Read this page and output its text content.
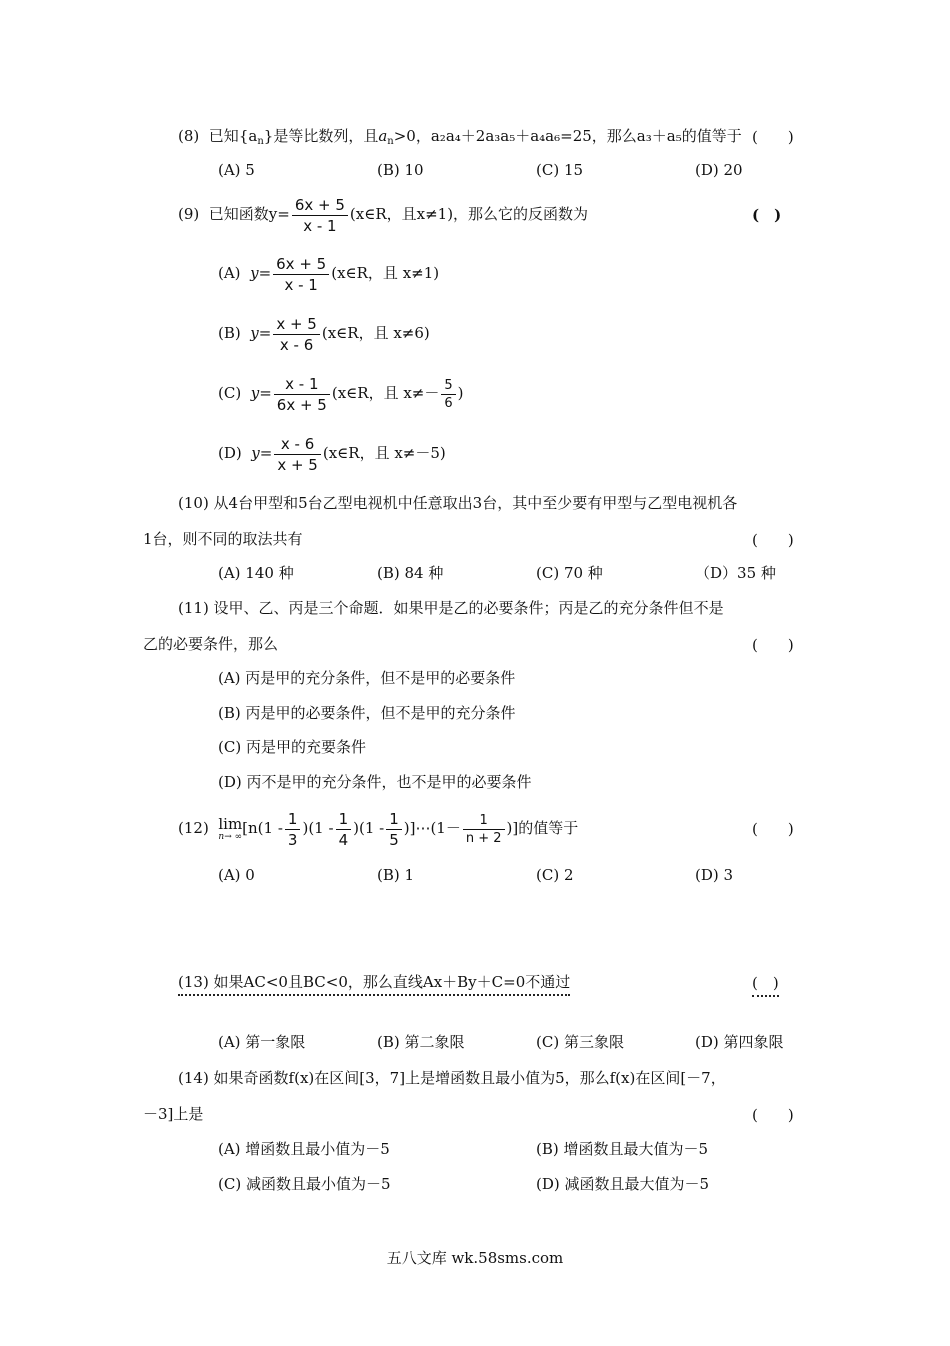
(8) 已知$\{a_n\}$是等比数列，且$a_n>0$，a₂a₄＋2a₃a₅＋a₄a₆=25，那么a₃＋a₅的值等于 (　　)
(A) 5	(B) 10	(C) 15	(D) 20
(9) 已知函数$y= \frac{6x + 5}{x - 1}$ (x∈R，且x≠1)，那么它的反函数为	(　)
(A) $y= \frac{6x + 5}{x - 1}$ (x∈R，且 x≠1)
(B) $y= \frac{x + 5}{x - 6}$ (x∈R，且 x≠6)
(C) $y= \frac{x - 1}{6x + 5}$ (x∈R，且 $x\ne- \frac{5}{6}$ )
(D) $y= \frac{x - 6}{x + 5}$ (x∈R，且 x≠－5)
(10) 从4台甲型和5台乙型电视机中任意取出3台，其中至少要有甲型与乙型电视机各
1台，则不同的取法共有	(　　)
(A) 140 种	(B) 84 种	(C) 70 种	（D）35 种
(11) 设甲、乙、丙是三个命题．如果甲是乙的必要条件；丙是乙的充分条件但不是
乙的必要条件，那么	(　　)
(A) 丙是甲的充分条件，但不是甲的必要条件
(B) 丙是甲的必要条件，但不是甲的充分条件
(C) 丙是甲的充要条件
(D) 丙不是甲的充分条件，也不是甲的必要条件
(12) lim
n→ ∞ [$n(1 - \frac{1}{3} )(1 - \frac{1}{4} )(1 - \frac{1}{5}$ )]⋯(1－ $\frac{1}{n + 2}$ )]的值等于	(　　)
(A) 0	(B) 1	(C) 2	(D) 3
(13) 如果AC<0且BC<0，那么直线Ax＋By＋C=0不通过	(　)
(A) 第一象限	(B) 第二象限	(C) 第三象限	(D) 第四象限
(14) 如果奇函数f(x)在区间[3，7]上是增函数且最小值为5，那么f(x)在区间[－7，
－3]上是	(　　)
(A) 增函数且最小值为－5	(B) 增函数且最大值为－5
(C) 减函数且最小值为－5	(D) 减函数且最大值为－5
五八文库 wk.58sms.com
